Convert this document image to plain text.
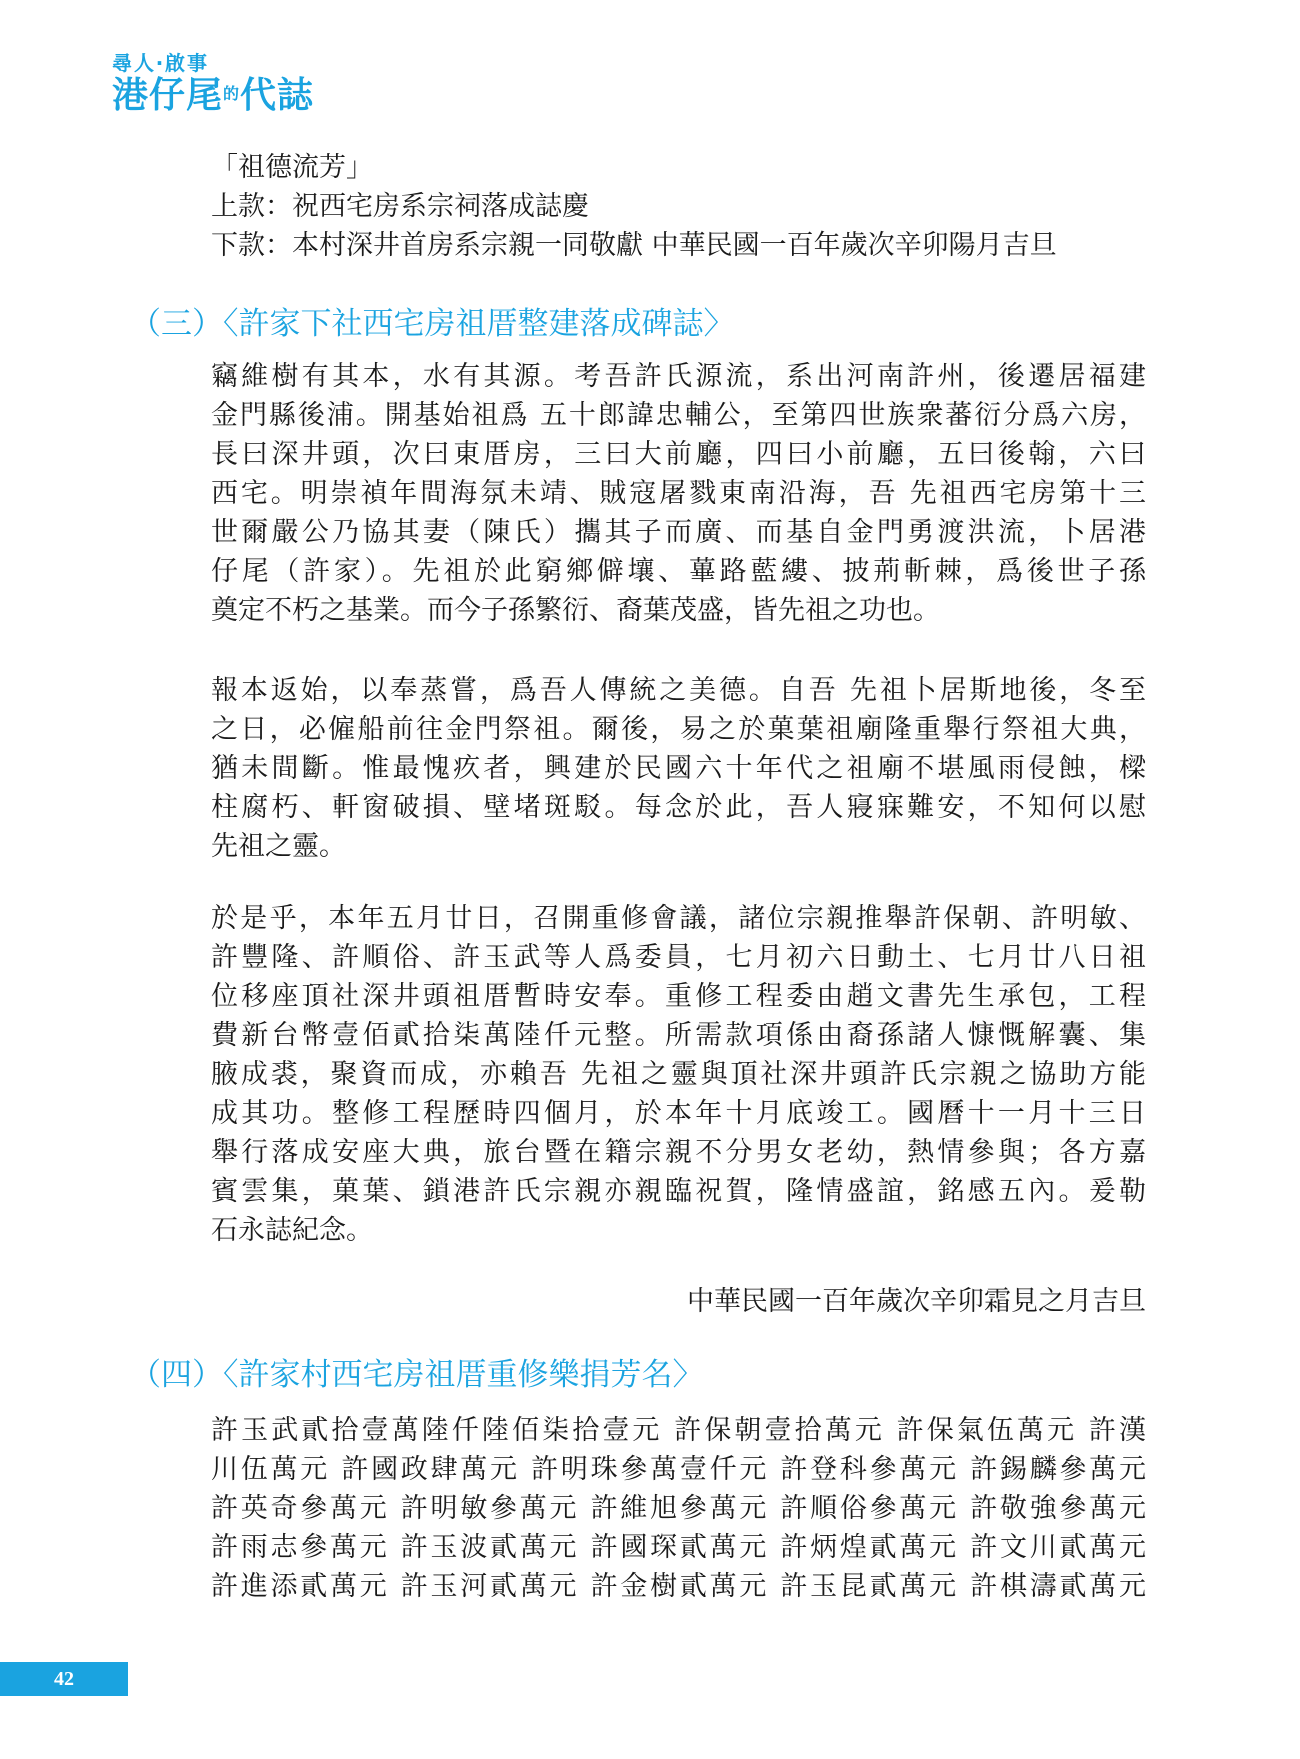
尋人‧啟事
港仔尾$^的$代誌
「祖德流芳」
上款：祝西宅房系宗祠落成誌慶
下款：本村深井首房系宗親一同敬獻 中華民國一百年歲次辛卯陽月吉旦
（三）〈許家下社西宅房祖厝整建落成碑誌〉
竊維樹有其本，水有其源。考吾許氏源流，系出河南許州，後遷居福建
金門縣後浦。開基始祖爲 五十郎諱忠輔公，至第四世族衆蕃衍分爲六房，
長曰深井頭，次曰東厝房，三曰大前廳，四曰小前廳，五曰後翰，六曰
西宅。明崇禎年間海氛未靖、賊寇屠戮東南沿海，吾 先祖西宅房第十三
世爾嚴公乃協其妻（陳氏）攜其子而廣、而基自金門勇渡洪流，卜居港
仔尾（許家）。先祖於此窮鄉僻壤、蓽路藍縷、披荊斬棘，爲後世子孫
奠定不朽之基業。而今子孫繁衍、裔葉茂盛，皆先祖之功也。
報本返始，以奉蒸嘗，爲吾人傳統之美德。自吾 先祖卜居斯地後，冬至
之日，必僱船前往金門祭祖。爾後，易之於菓葉祖廟隆重舉行祭祖大典，
猶未間斷。惟最愧疚者，興建於民國六十年代之祖廟不堪風雨侵蝕，樑
柱腐朽、軒窗破損、壁堵斑駁。每念於此，吾人寢寐難安，不知何以慰
先祖之靈。
於是乎，本年五月廿日，召開重修會議，諸位宗親推舉許保朝、許明敏、
許豐隆、許順俗、許玉武等人爲委員，七月初六日動土、七月廿八日祖
位移座頂社深井頭祖厝暫時安奉。重修工程委由趙文書先生承包，工程
費新台幣壹佰貳拾柒萬陸仟元整。所需款項係由裔孫諸人慷慨解囊、集
腋成裘，聚資而成，亦賴吾 先祖之靈與頂社深井頭許氏宗親之協助方能
成其功。整修工程歷時四個月，於本年十月底竣工。國曆十一月十三日
舉行落成安座大典，旅台暨在籍宗親不分男女老幼，熱情參與；各方嘉
賓雲集，菓葉、鎖港許氏宗親亦親臨祝賀，隆情盛誼，銘感五內。爰勒
石永誌紀念。
中華民國一百年歲次辛卯霜見之月吉旦
（四）〈許家村西宅房祖厝重修樂捐芳名〉
許玉武貳拾壹萬陸仟陸佰柒拾壹元 許保朝壹拾萬元 許保氣伍萬元 許漢
川伍萬元 許國政肆萬元 許明珠參萬壹仟元 許登科參萬元 許錫麟參萬元
許英奇參萬元 許明敏參萬元 許維旭參萬元 許順俗參萬元 許敬強參萬元
許雨志參萬元 許玉波貳萬元 許國琛貳萬元 許炳煌貳萬元 許文川貳萬元
許進添貳萬元 許玉河貳萬元 許金樹貳萬元 許玉昆貳萬元 許棋濤貳萬元
42
